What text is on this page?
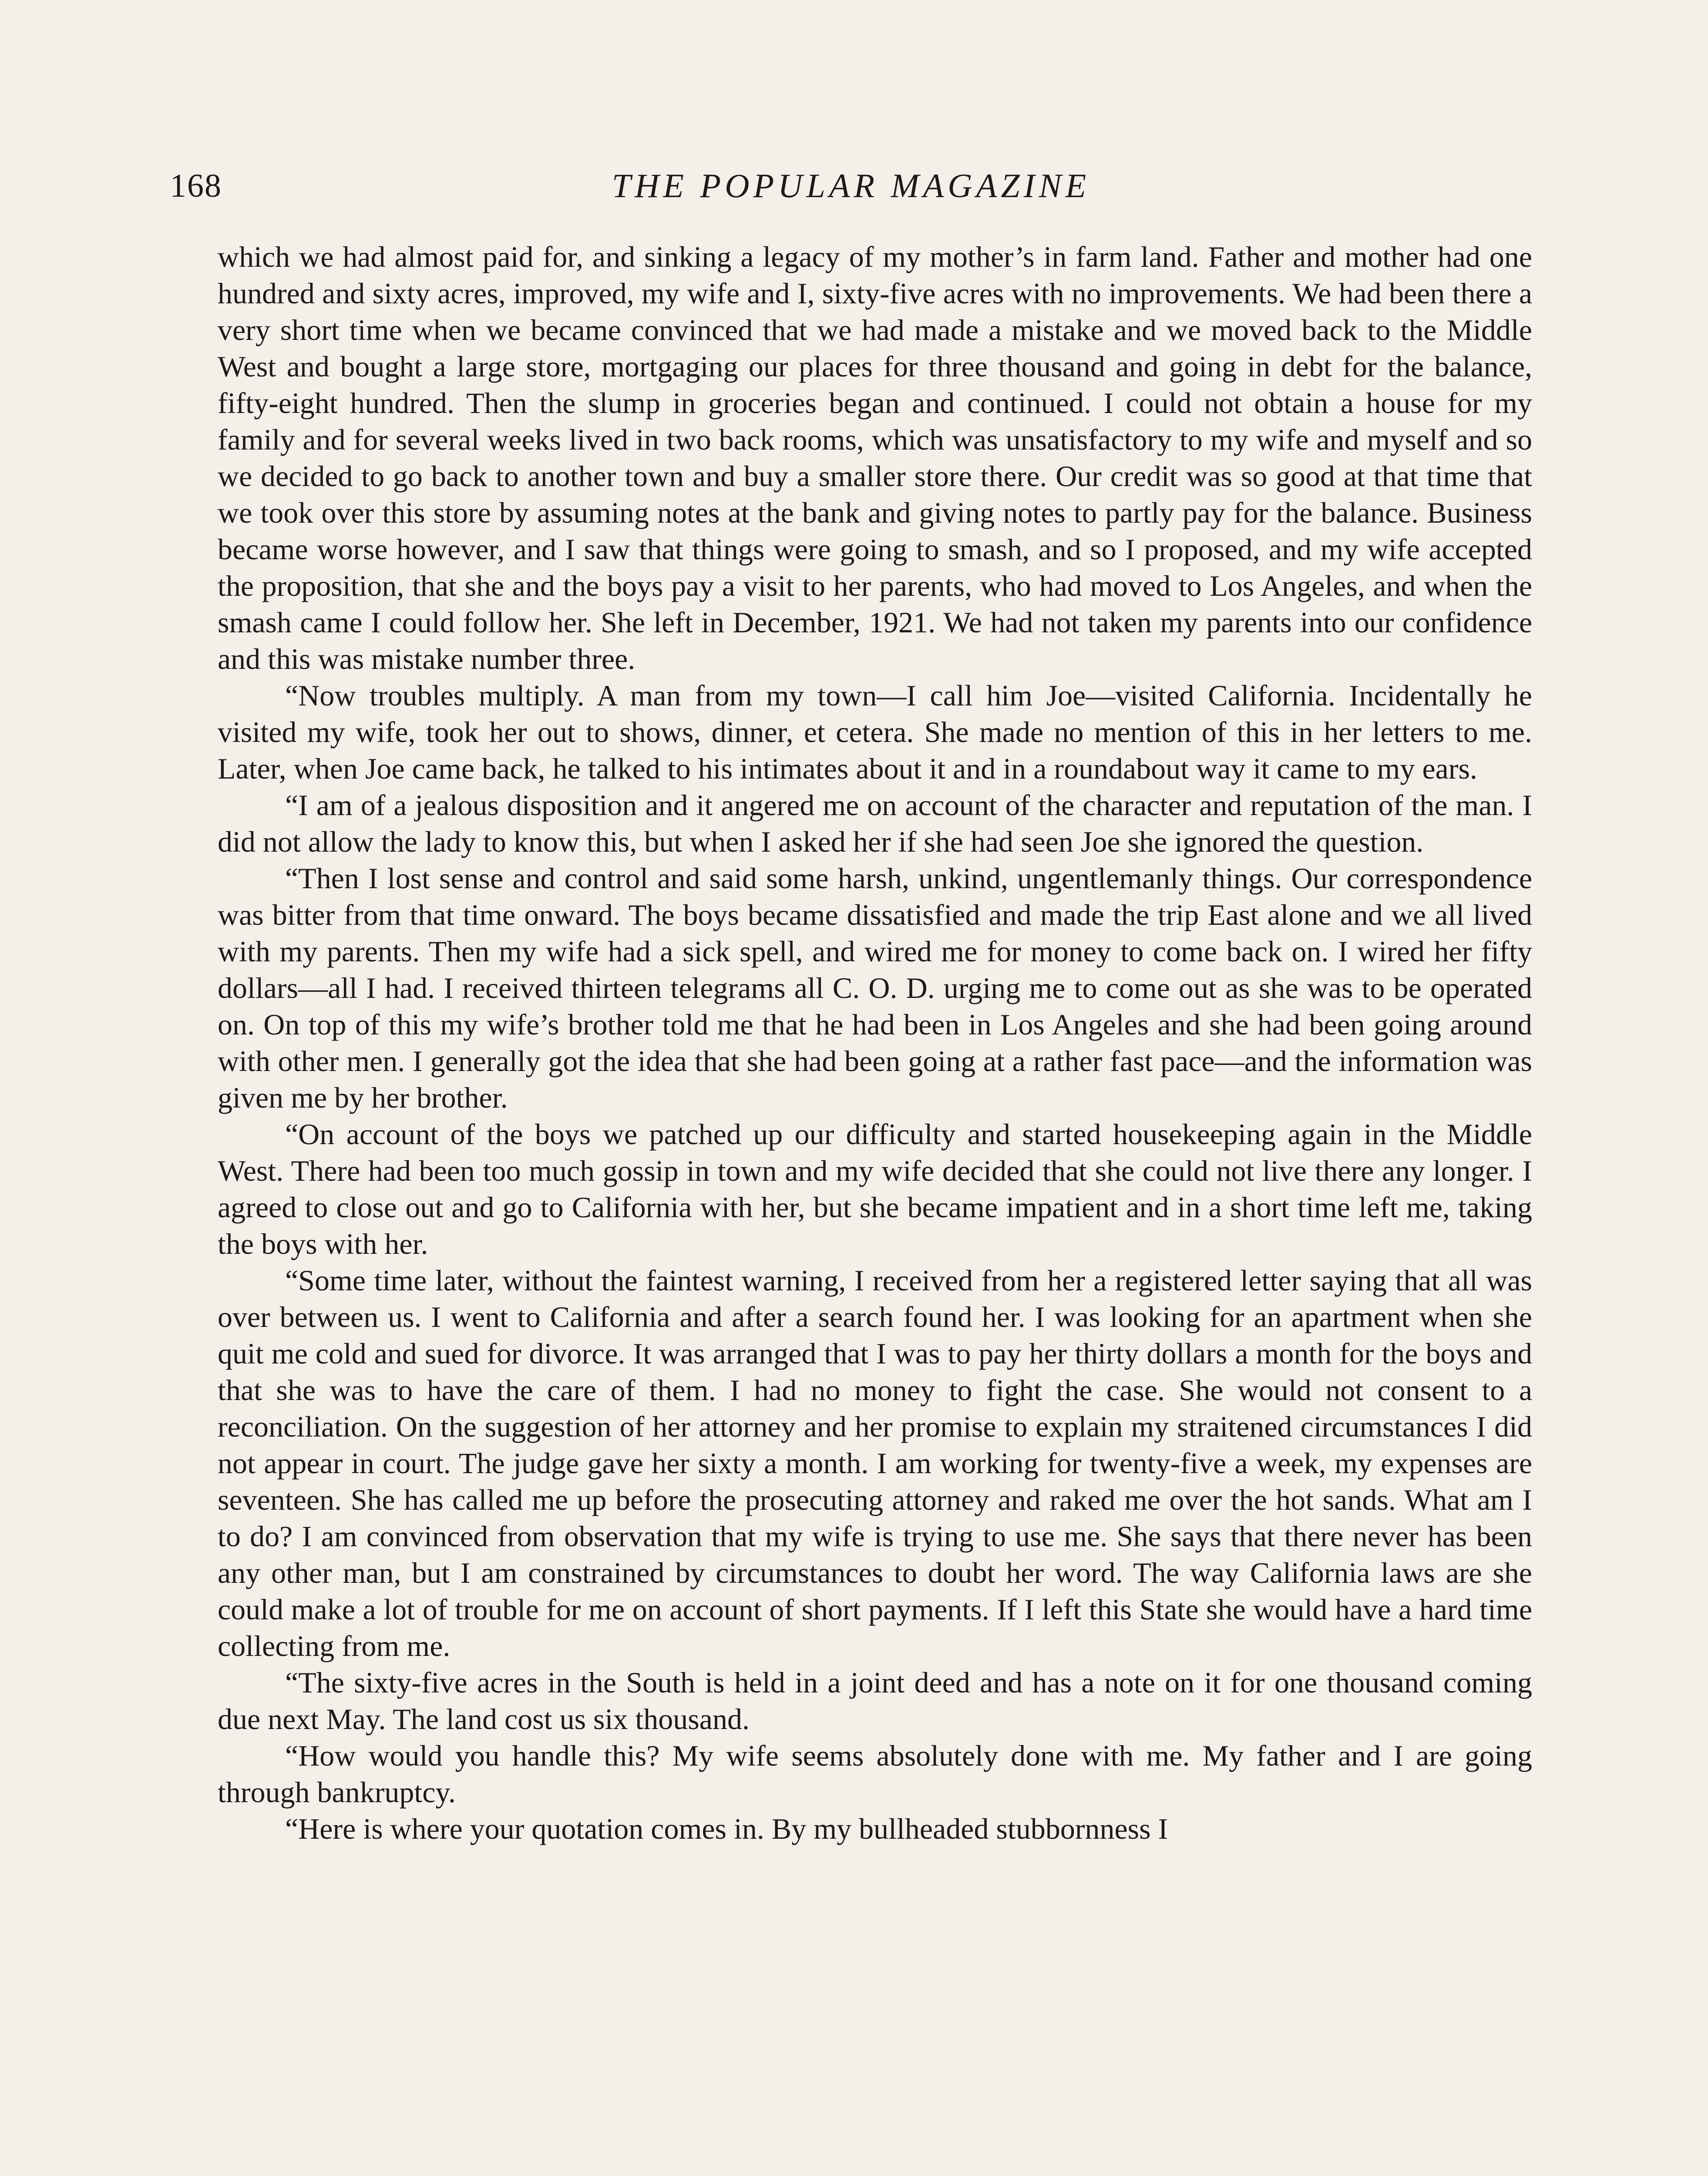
168	THE POPULAR MAGAZINE

which we had almost paid for, and sinking a legacy of my mother’s in farm land. Father and mother had one hundred and sixty acres, improved, my wife and I, sixty-five acres with no improvements. We had been there a very short time when we became convinced that we had made a mistake and we moved back to the Middle West and bought a large store, mortgaging our places for three thousand and going in debt for the balance, fifty-eight hundred. Then the slump in groceries began and continued. I could not obtain a house for my family and for several weeks lived in two back rooms, which was unsatisfactory to my wife and myself and so we decided to go back to another town and buy a smaller store there. Our credit was so good at that time that we took over this store by assuming notes at the bank and giving notes to partly pay for the balance. Business became worse however, and I saw that things were going to smash, and so I proposed, and my wife accepted the proposition, that she and the boys pay a visit to her parents, who had moved to Los Angeles, and when the smash came I could follow her. She left in December, 1921. We had not taken my parents into our confidence and this was mistake number three.

“Now troubles multiply. A man from my town—I call him Joe—visited California. Incidentally he visited my wife, took her out to shows, dinner, et cetera. She made no mention of this in her letters to me. Later, when Joe came back, he talked to his intimates about it and in a roundabout way it came to my ears.

“I am of a jealous disposition and it angered me on account of the character and reputation of the man. I did not allow the lady to know this, but when I asked her if she had seen Joe she ignored the question.

“Then I lost sense and control and said some harsh, unkind, ungentlemanly things. Our correspondence was bitter from that time onward. The boys became dissatisfied and made the trip East alone and we all lived with my parents. Then my wife had a sick spell, and wired me for money to come back on. I wired her fifty dollars—all I had. I received thirteen telegrams all C. O. D. urging me to come out as she was to be operated on. On top of this my wife’s brother told me that he had been in Los Angeles and she had been going around with other men. I generally got the idea that she had been going at a rather fast pace—and the information was given me by her brother.

“On account of the boys we patched up our difficulty and started housekeeping again in the Middle West. There had been too much gossip in town and my wife decided that she could not live there any longer. I agreed to close out and go to California with her, but she became impatient and in a short time left me, taking the boys with her.

“Some time later, without the faintest warning, I received from her a registered letter saying that all was over between us. I went to California and after a search found her. I was looking for an apartment when she quit me cold and sued for divorce. It was arranged that I was to pay her thirty dollars a month for the boys and that she was to have the care of them. I had no money to fight the case. She would not consent to a reconciliation. On the suggestion of her attorney and her promise to explain my straitened circumstances I did not appear in court. The judge gave her sixty a month. I am working for twenty-five a week, my expenses are seventeen. She has called me up before the prosecuting attorney and raked me over the hot sands. What am I to do? I am convinced from observation that my wife is trying to use me. She says that there never has been any other man, but I am constrained by circumstances to doubt her word. The way California laws are she could make a lot of trouble for me on account of short payments. If I left this State she would have a hard time collecting from me.

“The sixty-five acres in the South is held in a joint deed and has a note on it for one thousand coming due next May. The land cost us six thousand.

“How would you handle this? My wife seems absolutely done with me. My father and I are going through bankruptcy.

“Here is where your quotation comes in. By my bullheaded stubbornness I
